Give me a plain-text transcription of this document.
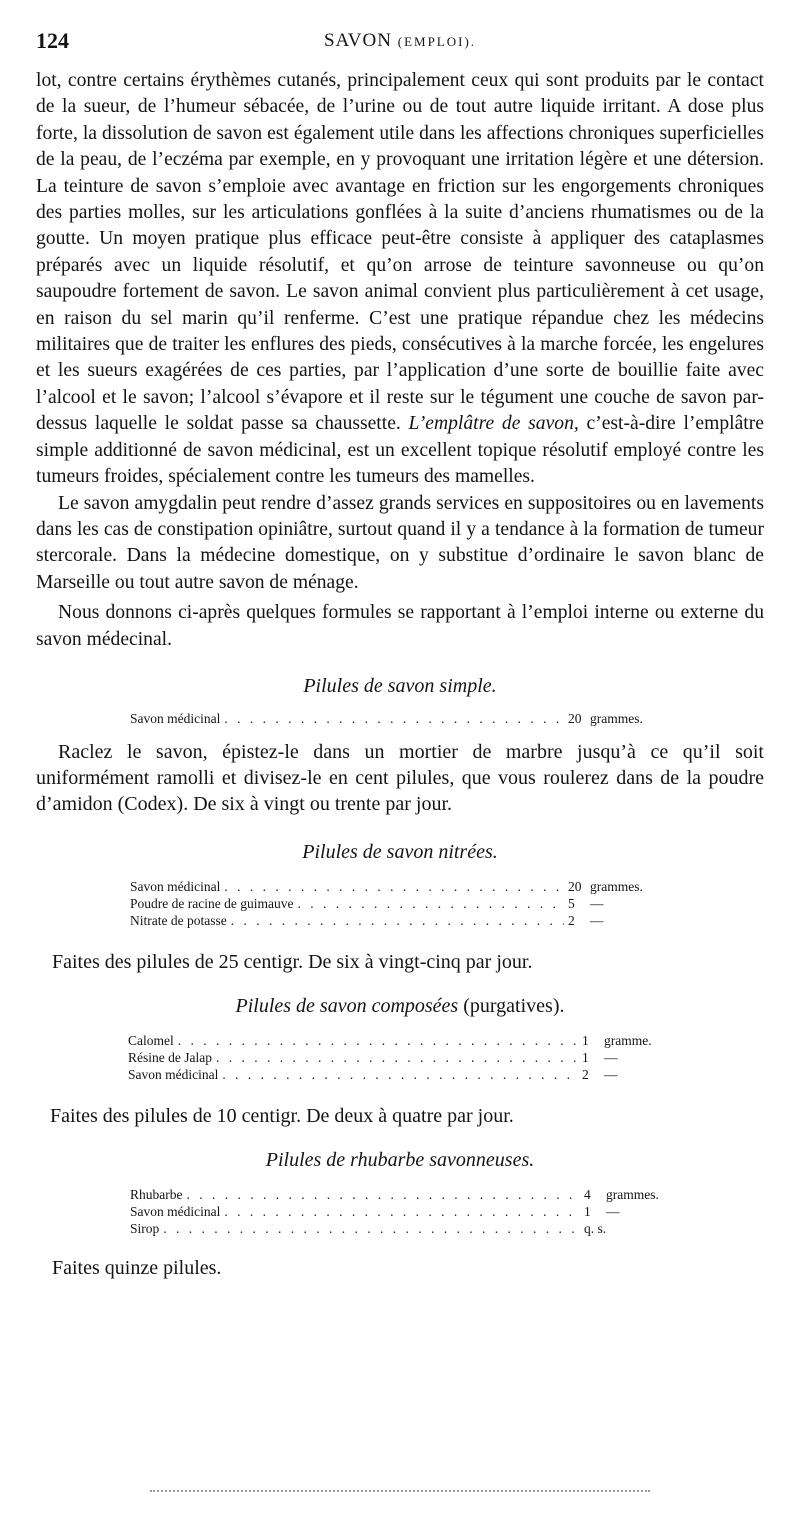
124	SAVON (EMPLOI).

lot, contre certains érythèmes cutanés, principalement ceux qui sont produits par le contact de la sueur, de l’humeur sébacée, de l’urine ou de tout autre liquide irritant. A dose plus forte, la dissolution de savon est également utile dans les affections chroniques superficielles de la peau, de l’eczéma par exemple, en y provoquant une irritation légère et une détersion. La teinture de savon s’emploie avec avantage en friction sur les engorgements chroniques des parties molles, sur les articulations gonflées à la suite d’anciens rhumatismes ou de la goutte. Un moyen pratique plus efficace peut-être consiste à appliquer des cataplasmes préparés avec un liquide résolutif, et qu’on arrose de teinture savonneuse ou qu’on saupoudre fortement de savon. Le savon animal convient plus particulièrement à cet usage, en raison du sel marin qu’il renferme. C’est une pratique répandue chez les médecins militaires que de traiter les enflures des pieds, consécutives à la marche forcée, les engelures et les sueurs exagérées de ces parties, par l’application d’une sorte de bouillie faite avec l’alcool et le savon; l’alcool s’évapore et il reste sur le tégument une couche de savon par-dessus laquelle le soldat passe sa chaussette. L’emplâtre de savon, c’est-à-dire l’emplâtre simple additionné de savon médicinal, est un excellent topique résolutif employé contre les tumeurs froides, spécialement contre les tumeurs des mamelles.

Le savon amygdalin peut rendre d’assez grands services en suppositoires ou en lavements dans les cas de constipation opiniâtre, surtout quand il y a tendance à la formation de tumeur stercorale. Dans la médecine domestique, on y substitue d’ordinaire le savon blanc de Marseille ou tout autre savon de ménage.

Nous donnons ci-après quelques formules se rapportant à l’emploi interne ou externe du savon médecinal.

Pilules de savon simple.

Savon médicinal . . .	20 grammes.

Raclez le savon, épistez-le dans un mortier de marbre jusqu’à ce qu’il soit uniformément ramolli et divisez-le en cent pilules, que vous roulerez dans de la poudre d’amidon (Codex). De six à vingt ou trente par jour.

Pilules de savon nitrées.

Savon médicinal . . .	20 grammes.
Poudre de racine de guimauve . . .	5	—
Nitrate de potasse . . .	2	—

Faites des pilules de 25 centigr. De six à vingt-cinq par jour.

Pilules de savon composées (purgatives).

Calomel . . .	1	gramme.
Résine de Jalap . . .	1	—
Savon médicinal . . .	2	—

Faites des pilules de 10 centigr. De deux à quatre par jour.

Pilules de rhubarbe savonneuses.

Rhubarbe . . .	4	grammes.
Savon médicinal . . .	1	—
Sirop . . .	q. s.

Faites quinze pilules.
